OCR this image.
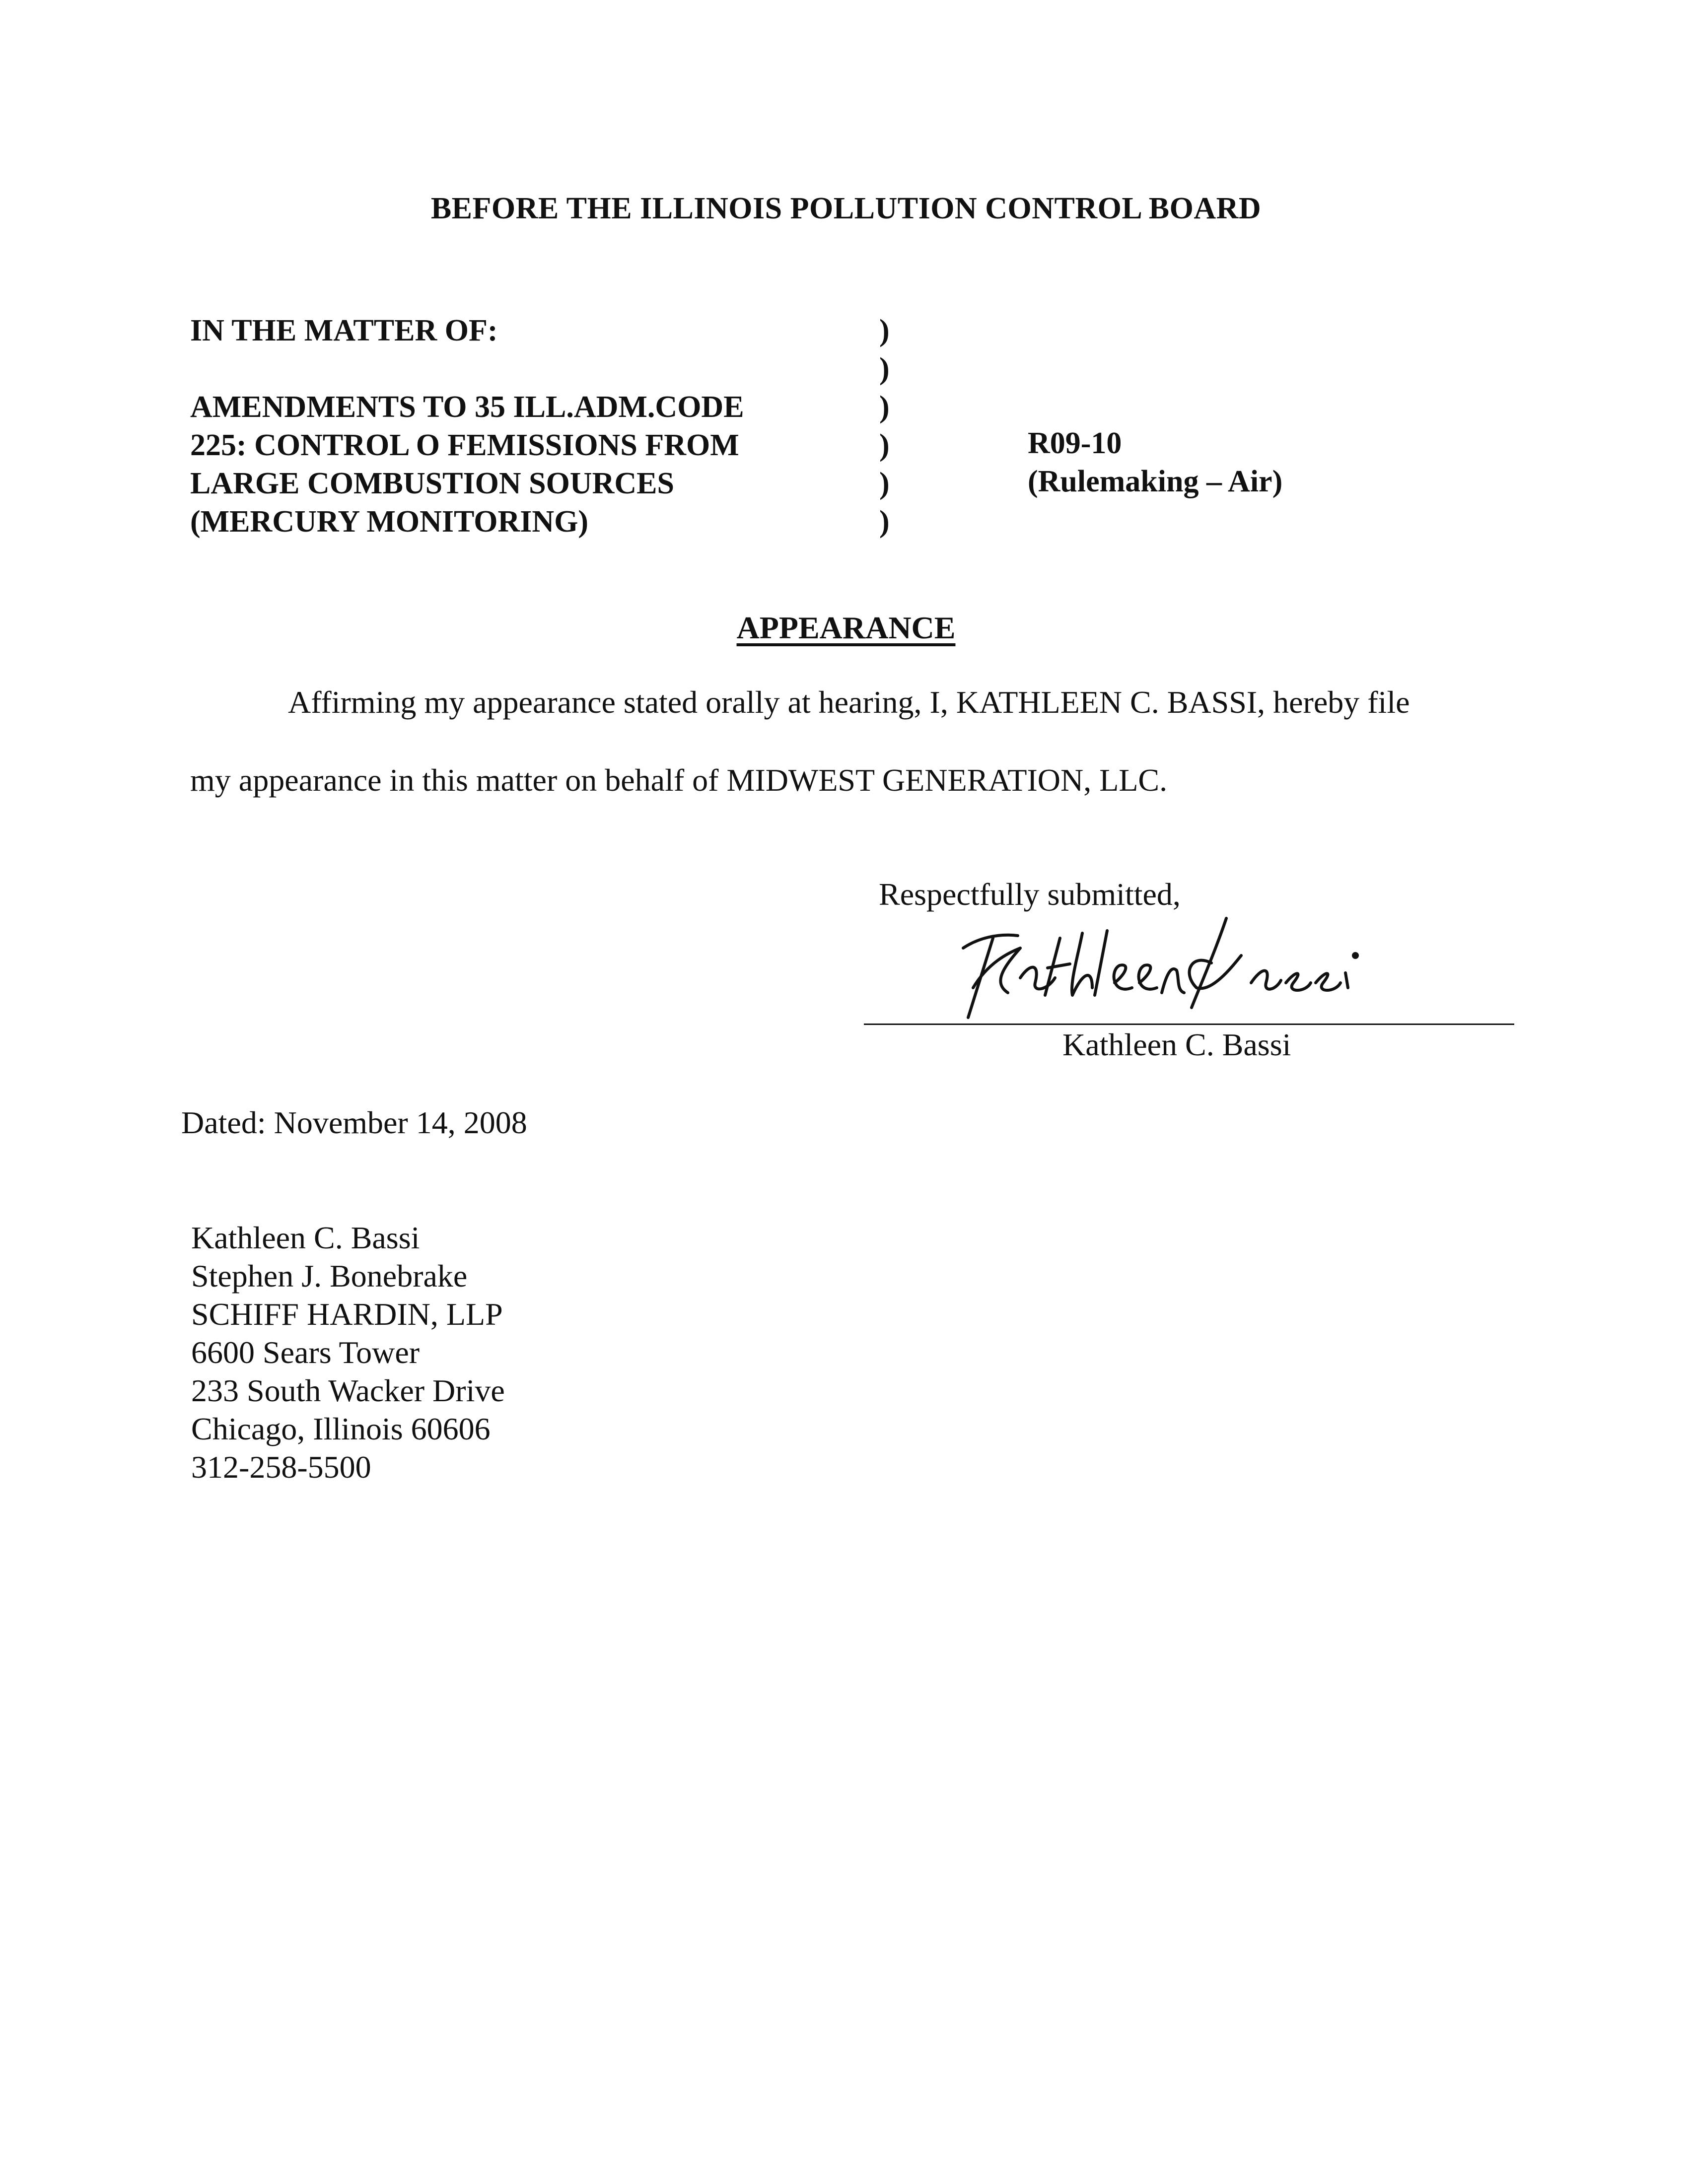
BEFORE THE ILLINOIS POLLUTION CONTROL BOARD
IN THE MATTER OF:
AMENDMENTS TO 35 ILL.ADM.CODE
225: CONTROL O FEMISSIONS FROM
LARGE COMBUSTION SOURCES
(MERCURY MONITORING)
)
)
)
)
)
)
R09-10
(Rulemaking – Air)
APPEARANCE
Affirming my appearance stated orally at hearing, I, KATHLEEN C. BASSI, hereby file
my appearance in this matter on behalf of MIDWEST GENERATION, LLC.
Respectfully submitted,
Kathleen C. Bassi
Dated: November 14, 2008
Kathleen C. Bassi
Stephen J. Bonebrake
SCHIFF HARDIN, LLP
6600 Sears Tower
233 South Wacker Drive
Chicago, Illinois 60606
312-258-5500
